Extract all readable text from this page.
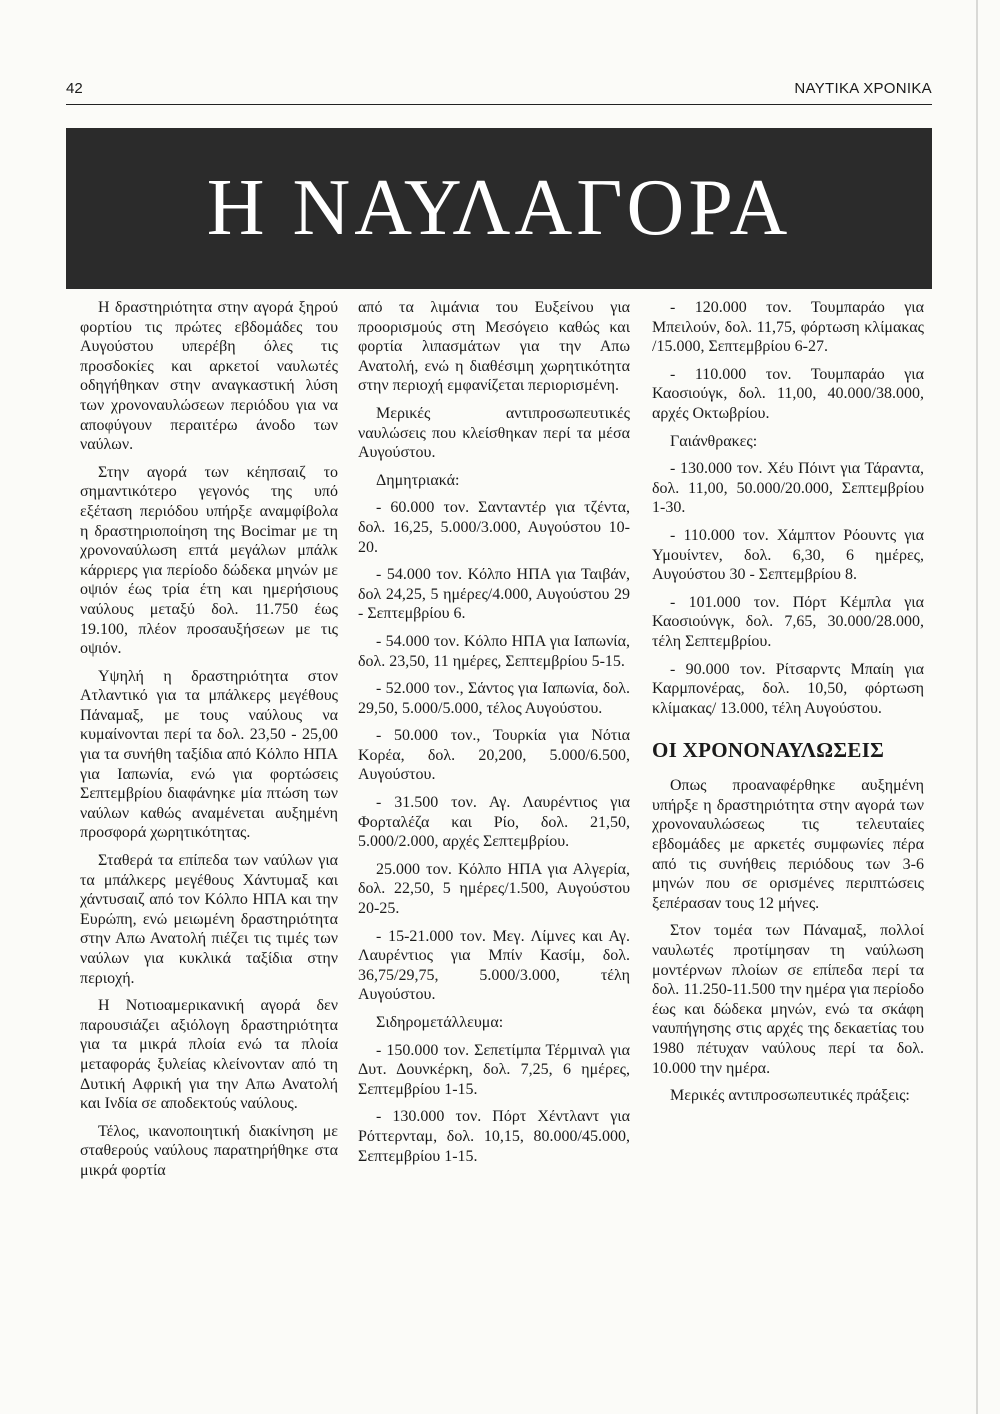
42	ΝΑΥΤΙΚΑ ΧΡΟΝΙΚΑ
Η ΝΑΥΛΑΓΟΡΑ

Η δραστηριότητα στην αγορά ξηρού φορτίου τις πρώτες εβδομάδες του Αυγούστου υπερέβη όλες τις προσδοκίες και αρκετοί ναυλωτές οδηγήθηκαν στην αναγκαστική λύση των χρονοναυλώσεων περιόδου για να αποφύγουν περαιτέρω άνοδο των ναύλων.

Στην αγορά των κέηπσαιζ το σημαντικότερο γεγονός της υπό εξέταση περιόδου υπήρξε αναμφίβολα η δραστηριοποίηση της Bocimar με τη χρονοναύλωση επτά μεγάλων μπάλκ κάρριερς για περίοδο δώδεκα μηνών με οψιόν έως τρία έτη και ημερήσιους ναύλους μεταξύ δολ. 11.750 έως 19.100, πλέον προσαυξήσεων με τις οψιόν.

Υψηλή η δραστηριότητα στον Ατλαντικό για τα μπάλκερς μεγέθους Πάναμαξ, με τους ναύλους να κυμαίνονται περί τα δολ. 23,50 - 25,00 για τα συνήθη ταξίδια από Κόλπο ΗΠΑ για Ιαπωνία, ενώ για φορτώσεις Σεπτεμβρίου διαφάνηκε μία πτώση των ναύλων καθώς αναμένεται αυξημένη προσφορά χωρητικότητας.

Σταθερά τα επίπεδα των ναύλων για τα μπάλκερς μεγέθους Χάντυμαξ και χάντυσαιζ από τον Κόλπο ΗΠΑ και την Ευρώπη, ενώ μειωμένη δραστηριότητα στην Απω Ανατολή πιέζει τις τιμές των ναύλων για κυκλικά ταξίδια στην περιοχή.

Η Νοτιοαμερικανική αγορά δεν παρουσιάζει αξιόλογη δραστηριότητα για τα μικρά πλοία ενώ τα πλοία μεταφοράς ξυλείας κλείνονταν από τη Δυτική Αφρική για την Απω Ανατολή και Ινδία σε αποδεκτούς ναύλους.

Τέλος, ικανοποιητική διακίνηση με σταθερούς ναύλους παρατηρήθηκε στα μικρά φορτία

από τα λιμάνια του Ευξείνου για προορισμούς στη Μεσόγειο καθώς και φορτία λιπασμάτων για την Απω Ανατολή, ενώ η διαθέσιμη χωρητικότητα στην περιοχή εμφανίζεται περιορισμένη.

Μερικές αντιπροσωπευτικές ναυλώσεις που κλείσθηκαν περί τα μέσα Αυγούστου.

Δημητριακά:

- 60.000 τον. Σανταντέρ για τζέντα, δολ. 16,25, 5.000/3.000, Αυγούστου 10-20.

- 54.000 τον. Κόλπο ΗΠΑ για Ταιβάν, δολ 24,25, 5 ημέρες/4.000, Αυγούστου 29 - Σεπτεμβρίου 6.

- 54.000 τον. Κόλπο ΗΠΑ για Ιαπωνία, δολ. 23,50, 11 ημέρες, Σεπτεμβρίου 5-15.

- 52.000 τον., Σάντος για Ιαπωνία, δολ. 29,50, 5.000/5.000, τέλος Αυγούστου.

- 50.000 τον., Τουρκία για Νότια Κορέα, δολ. 20,200, 5.000/6.500, Αυγούστου.

- 31.500 τον. Αγ. Λαυρέντιος για Φορταλέζα και Ρίο, δολ. 21,50, 5.000/2.000, αρχές Σεπτεμβρίου.

25.000 τον. Κόλπο ΗΠΑ για Αλγερία, δολ. 22,50, 5 ημέρες/1.500, Αυγούστου 20-25.

- 15-21.000 τον. Μεγ. Λίμνες και Αγ. Λαυρέντιος για Μπίν Κασίμ, δολ. 36,75/29,75, 5.000/3.000, τέλη Αυγούστου.

Σιδηρομετάλλευμα:

- 150.000 τον. Σεπετίμπα Τέρμιναλ για Δυτ. Δουνκέρκη, δολ. 7,25, 6 ημέρες, Σεπτεμβρίου 1-15.

- 130.000 τον. Πόρτ Χέντλαντ για Ρόττερνταμ, δολ. 10,15, 80.000/45.000, Σεπτεμβρίου 1-15.

- 120.000 τον. Τουμπαράο για Μπειλούν, δολ. 11,75, φόρτωση κλίμακας /15.000, Σεπτεμβρίου 6-27.

- 110.000 τον. Τουμπαράο για Καοσιούγκ, δολ. 11,00, 40.000/38.000, αρχές Οκτωβρίου.

Γαιάνθρακες:

- 130.000 τον. Χέυ Πόιντ για Τάραντα, δολ. 11,00, 50.000/20.000, Σεπτεμβρίου 1-30.

- 110.000 τον. Χάμπτον Ρόουντς για Υμουίντεν, δολ. 6,30, 6 ημέρες, Αυγούστου 30 - Σεπτεμβρίου 8.

- 101.000 τον. Πόρτ Κέμπλα για Καοσιούνγκ, δολ. 7,65, 30.000/28.000, τέλη Σεπτεμβρίου.

- 90.000 τον. Ρίτσαρντς Μπαίη για Καρμπονέρας, δολ. 10,50, φόρτωση κλίμακας/ 13.000, τέλη Αυγούστου.

ΟΙ ΧΡΟΝΟΝΑΥΛΩΣΕΙΣ

Οπως προαναφέρθηκε αυξημένη υπήρξε η δραστηριότητα στην αγορά των χρονοναυλώσεως τις τελευταίες εβδομάδες με αρκετές συμφωνίες πέρα από τις συνήθεις περιόδους των 3-6 μηνών που σε ορισμένες περιπτώσεις ξεπέρασαν τους 12 μήνες.

Στον τομέα των Πάναμαξ, πολλοί ναυλωτές προτίμησαν τη ναύλωση μοντέρνων πλοίων σε επίπεδα περί τα δολ. 11.250-11.500 την ημέρα για περίοδο έως και δώδεκα μηνών, ενώ τα σκάφη ναυπήγησης στις αρχές της δεκαετίας του 1980 πέτυχαν ναύλους περί τα δολ. 10.000 την ημέρα.

Μερικές αντιπροσωπευτικές πράξεις:
